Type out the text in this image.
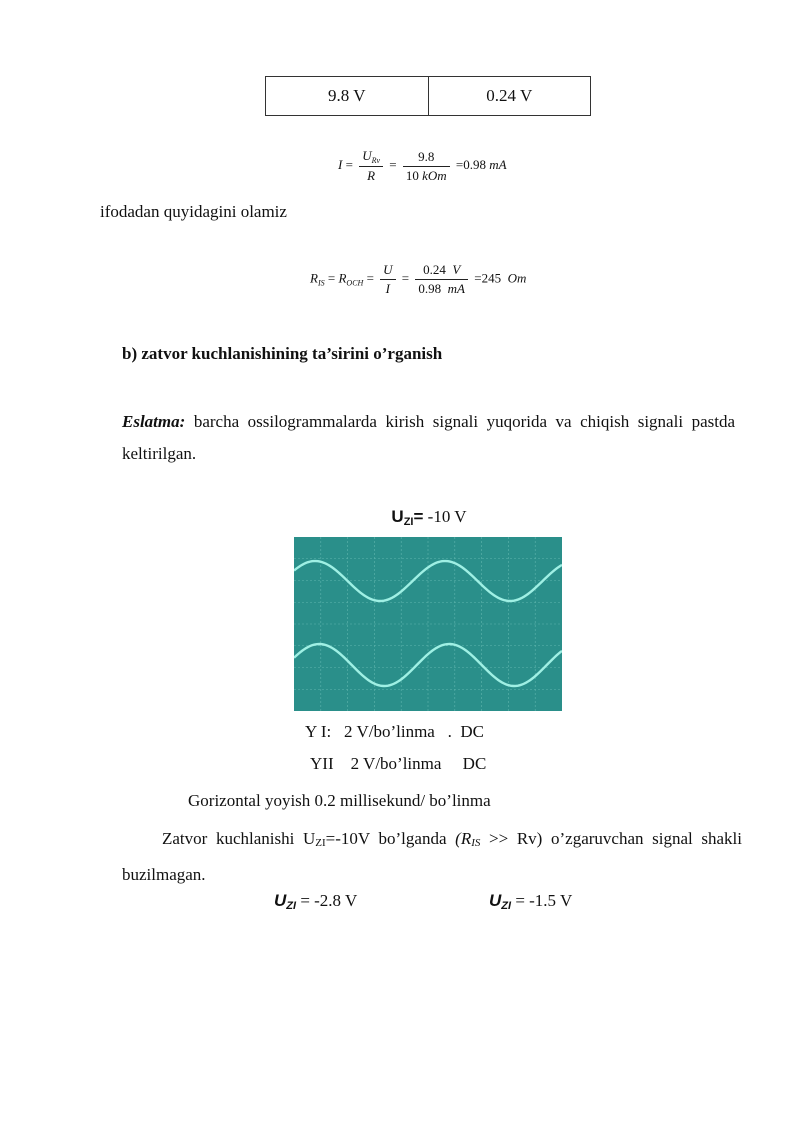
9.8 V	0.24 V
$I = \frac{U_{Rv}}{R} = \frac{9.8}{\text{10 kOm}} =0.98$ mA
ifodadan quyidagini olamiz
$R_{IS} = R_{OCH} = \frac{U}{I} = \frac{0.24 V}{0.98 mA} =245$ Om
b) zatvor kuchlanishining ta’sirini o’rganish
Eslatma: barcha ossilogrammalarda kirish signali yuqorida va chiqish signali pastda keltirilgan.
UZI= -10 V
Y I:   2 V/bo’linma   .  DC
YII    2 V/bo’linma     DC
Gorizontal yoyish 0.2 millisekund/ bo’linma
Zatvor kuchlanishi UZI=-10V bo’lganda (RIS >> Rv) o’zgaruvchan signal shakli buzilmagan.
UZI = -2.8 V	UZI = -1.5 V
